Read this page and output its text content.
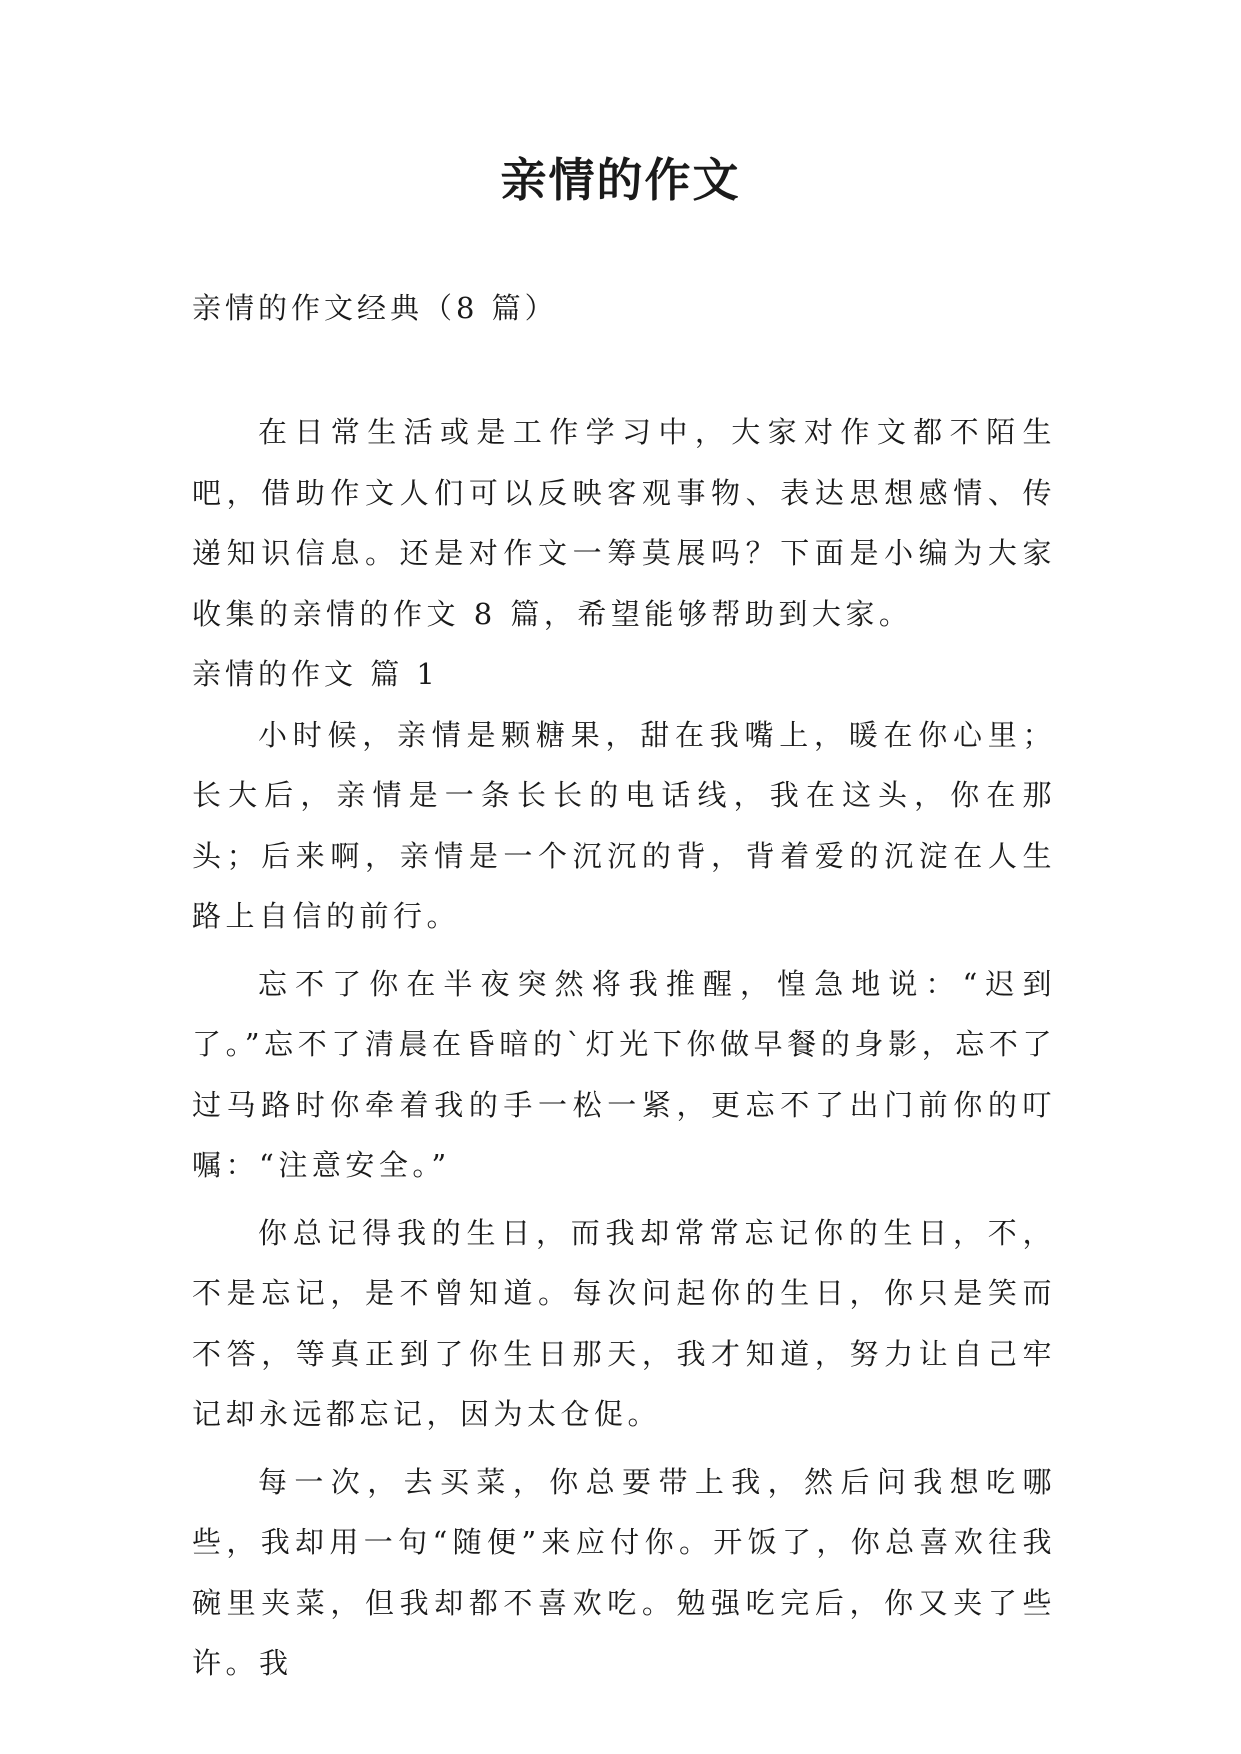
亲情的作文
亲情的作文经典（8 篇）

在日常生活或是工作学习中，大家对作文都不陌生吧，借助作文人们可以反映客观事物、表达思想感情、传递知识信息。还是对作文一筹莫展吗？下面是小编为大家收集的亲情的作文 8 篇，希望能够帮助到大家。

亲情的作文 篇 1

小时候，亲情是颗糖果，甜在我嘴上，暖在你心里；长大后，亲情是一条长长的电话线，我在这头，你在那头；后来啊，亲情是一个沉沉的背，背着爱的沉淀在人生路上自信的前行。

忘不了你在半夜突然将我推醒，惶急地说：“迟到了。”忘不了清晨在昏暗的`灯光下你做早餐的身影，忘不了过马路时你牵着我的手一松一紧，更忘不了出门前你的叮嘱：“注意安全。”

你总记得我的生日，而我却常常忘记你的生日，不，不是忘记，是不曾知道。每次问起你的生日，你只是笑而不答，等真正到了你生日那天，我才知道，努力让自己牢记却永远都忘记，因为太仓促。

每一次，去买菜，你总要带上我，然后问我想吃哪些，我却用一句“随便”来应付你。开饭了，你总喜欢往我碗里夹菜，但我却都不喜欢吃。勉强吃完后，你又夹了些许。我
